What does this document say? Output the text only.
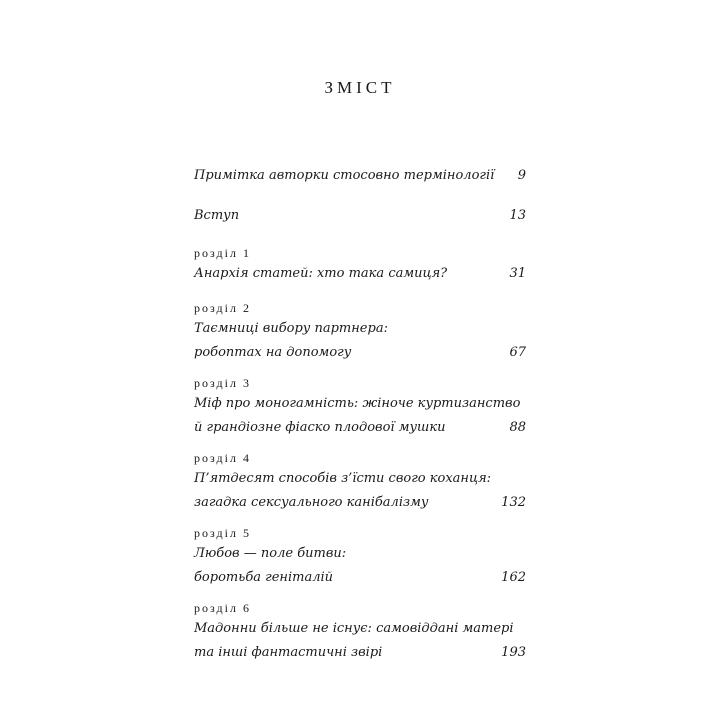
ЗМІСТ
Примітка авторки стосовно термінології 9
Вступ	13
розділ 1
Анархія статей: хто така самиця?	31
розділ 2
Таємниці вибору партнера:
робоптах на допомогу	67
розділ 3
Міф про моногамність: жіноче куртизанство
й грандіозне фіаско плодової мушки	88
розділ 4
П’ятдесят способів з’їсти свого коханця:
загадка сексуального канібалізму	132
розділ 5
Любов — поле битви:
боротьба геніталій	162
розділ 6
Мадонни більше не існує: самовіддані матері
та інші фантастичні звірі	193
